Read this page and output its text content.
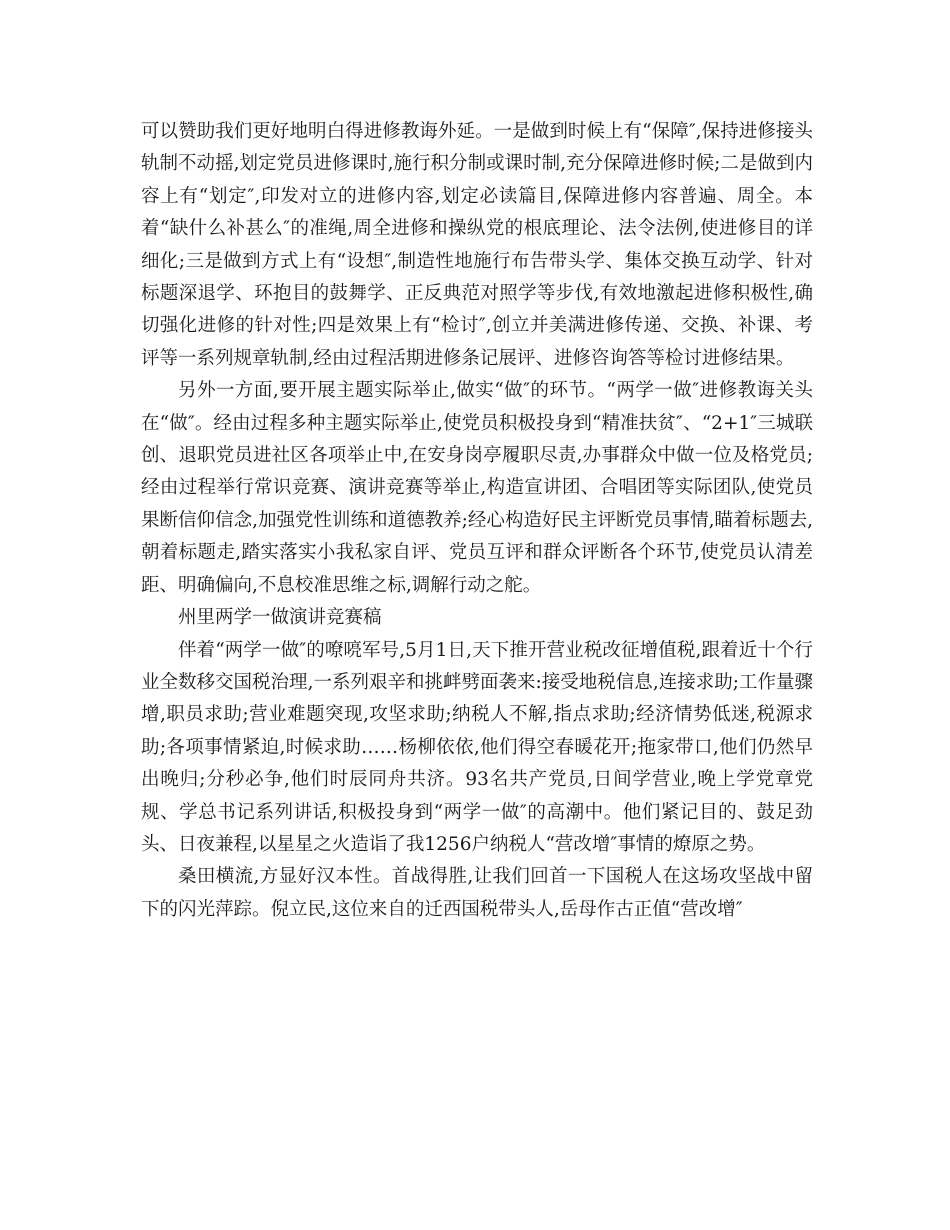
可以赞助我们更好地明白得进修教诲外延。一是做到时候上有“保障″,保持进修接头轨制不动摇,划定党员进修课时,施行积分制或课时制,充分保障进修时候;二是做到内容上有“划定″,印发对立的进修内容,划定必读篇目,保障进修内容普遍、周全。本着“缺什么补甚么″的准绳,周全进修和操纵党的根底理论、法令法例,使进修目的详细化;三是做到方式上有“设想″,制造性地施行布告带头学、集体交换互动学、针对标题深退学、环抱目的鼓舞学、正反典范对照学等步伐,有效地激起进修积极性,确切强化进修的针对性;四是效果上有“检讨″,创立并美满进修传递、交换、补课、考评等一系列规章轨制,经由过程活期进修条记展评、进修咨询答等检讨进修结果。

另外一方面,要开展主题实际举止,做实“做″的环节。“两学一做″进修教诲关头在“做″。经由过程多种主题实际举止,使党员积极投身到“精准扶贫″、“2+1″三城联创、退职党员进社区各项举止中,在安身岗亭履职尽责,办事群众中做一位及格党员;经由过程举行常识竞赛、演讲竞赛等举止,构造宣讲团、合唱团等实际团队,使党员果断信仰信念,加强党性训练和道德教养;经心构造好民主评断党员事情,瞄着标题去,朝着标题走,踏实落实小我私家自评、党员互评和群众评断各个环节,使党员认清差距、明确偏向,不息校准思维之标,调解行动之舵。

州里两学一做演讲竞赛稿

伴着“两学一做″的嘹喨军号,5月1日,天下推开营业税改征增值税,跟着近十个行业全数移交国税治理,一系列艰辛和挑衅劈面袭来:接受地税信息,连接求助;工作量骤增,职员求助;营业难题突现,攻坚求助;纳税人不解,指点求助;经济情势低迷,税源求助;各项事情紧迫,时候求助……杨柳依依,他们得空春暖花开;拖家带口,他们仍然早出晚归;分秒必争,他们时辰同舟共济。93名共产党员,日间学营业,晚上学党章党规、学总书记系列讲话,积极投身到“两学一做″的高潮中。他们紧记目的、鼓足劲头、日夜兼程,以星星之火造诣了我1256户纳税人“营改增″事情的燎原之势。

桑田横流,方显好汉本性。首战得胜,让我们回首一下国税人在这场攻坚战中留下的闪光萍踪。倪立民,这位来自的迁西国税带头人,岳母作古正值“营改增″
